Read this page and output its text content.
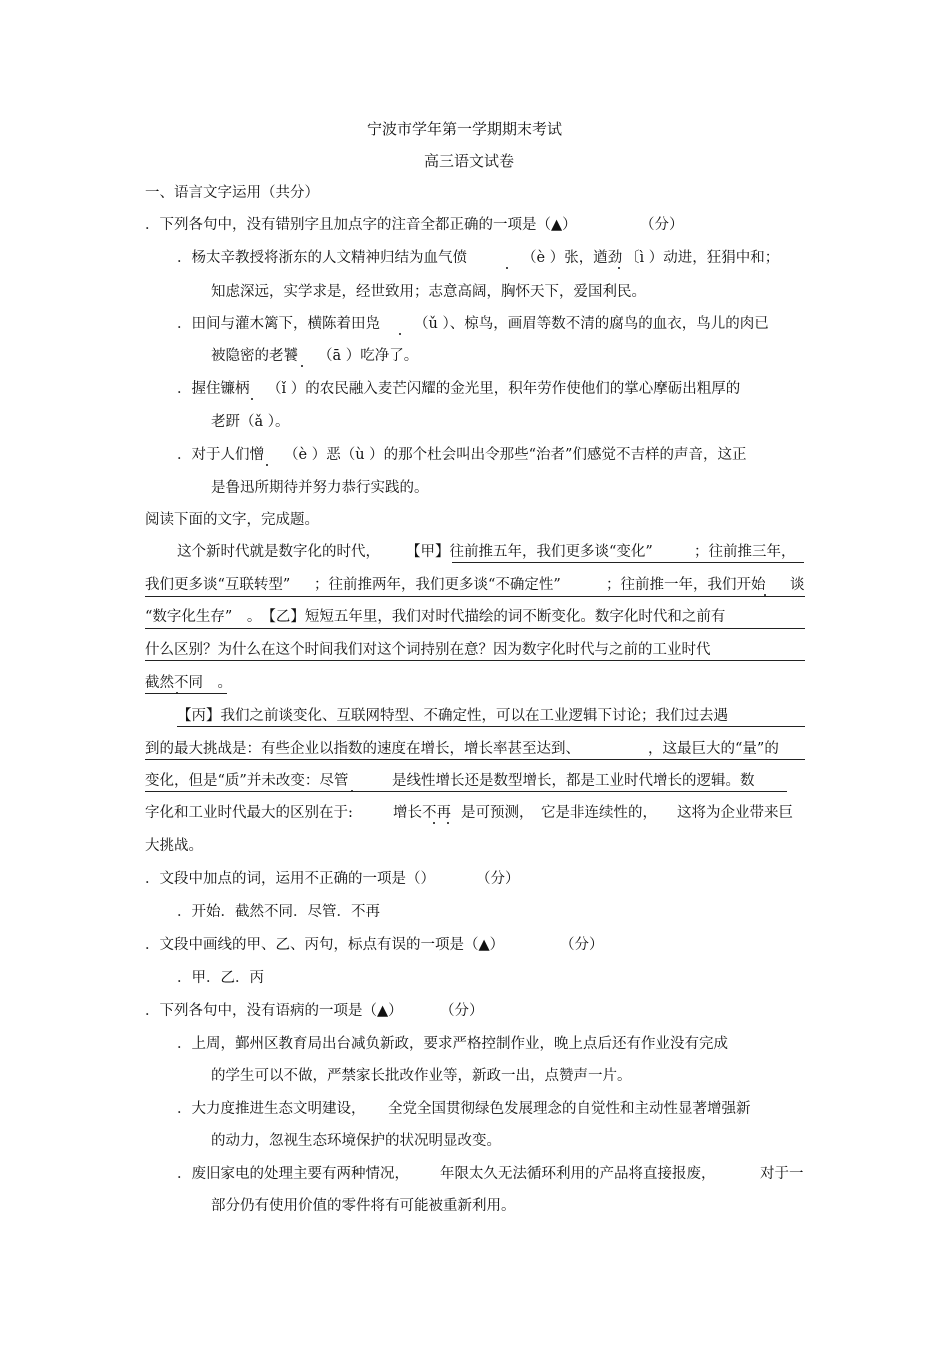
宁波市学年第一学期期末考试
高三语文试卷
一、语言文字运用（共分）
．下列各句中，没有错别字且加点字的注音全都正确的一项是（▲）	（分）
．杨太辛教授将浙东的人文精神归结为血气偾	（è ）张，遒劲 〔ì ）动进，狂狷中和；
知虑深远，实学求是，经世致用；志意高阔，胸怀天下，爱国利民。
．田间与灌木篱下，横陈着田凫 （ǔ ）、椋鸟，画眉等数不清的腐鸟的血衣，鸟儿的肉已
被隐密的老饕 （ā ）吃净了。
．握住镰柄 （ǐ ）的农民融入麦芒闪耀的金光里，积年劳作使他们的掌心摩砺出粗厚的
老趼（ǎ ）。
．对于人们憎 （è ）恶（ù ）的那个杜会叫出令那些“治者”们感觉不吉样的声音，这正
是鲁迅所期待并努力恭行实践的。
阅读下面的文字，完成题。
这个新时代就是数字化的时代， 【甲】往前推五年，我们更多谈“变化”	；往前推三年，
我们更多谈“互联转型” ；往前推两年，我们更多谈“不确定性”	；往前推一年，我们开始 谈
“数字化生存”　。　【乙】短短五年里，我们对时代描绘的词不断变化。数字化时代和之前有
什么区别？为什么在这个时间我们对这个词持别在意？因为数字化时代与之前的工业时代
截然不同　。
【丙】我们之前谈变化、互联网特型、不确定性，可以在工业逻辑下讨论；我们过去遇
到的最大挑战是：有些企业以指数的速度在增长，增长率甚至达到、	，这最巨大的“量”的
变化，但是“质”并未改变：尽管	是线性增长还是数型增长，都是工业时代增长的逻辑。数
字化和工业时代最大的区别在于:	增长不再 是可预测， 它是非连续性的， 这将为企业带来巨
大挑战。
．文段中加点的词，运用不正确的一项是（）	（分）
．开始．截然不同．尽管．不再
．文段中画线的甲、乙、丙句，标点有误的一项是（▲）	（分）
．甲．乙．丙
．下列各句中，没有语病的一项是（▲）	（分）
．上周，鄞州区教育局出台减负新政，要求严格控制作业，晚上点后还有作业没有完成
的学生可以不做，严禁家长批改作业等，新政一出，点赞声一片。
．大力度推进生态文明建设， 全党全国贯彻绿色发展理念的自觉性和主动性显著增强新
的动力，忽视生态环境保护的状况明显改变。
．废旧家电的处理主要有两种情况， 年限太久无法循环利用的产品将直接报废，	对于一
部分仍有使用价值的零件将有可能被重新利用。
